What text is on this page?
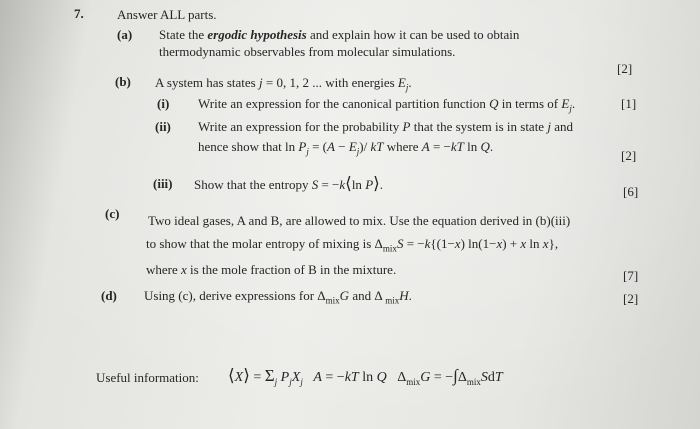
7.	Answer ALL parts.
(a) State the ergodic hypothesis and explain how it can be used to obtain
thermodynamic observables from molecular simulations.
[2]
(b) A system has states j = 0, 1, 2 ... with energies $E_j$.
(i) Write an expression for the canonical partition function Q in terms of $E_j$.	[1]
(ii) Write an expression for the probability P that the system is in state j and
hence show that $\ln P_j = (A - E_j)/$ kT where A = −kT ln Q.
[2]
(iii) Show that the entropy S = −k⟨ln P⟩.	[6]
(c) Two ideal gases, A and B, are allowed to mix. Use the equation derived in (b)(iii)
to show that the molar entropy of mixing is $\Delta_{mix}S = -k\{(1-x) \ln(1-x) + x$ ln x},
where x is the mole fraction of B in the mixture.	[7]
(d) Using (c), derive expressions for $\Delta_{mix}G$ and Δ $_{mix}$H.	[2]
Useful information: ⟨X⟩ = $\Sigma_j$ $P_jX_j$ A = −kT ln Q   $\Delta_{mix}G = -\int\Delta_{mix}SdT$
